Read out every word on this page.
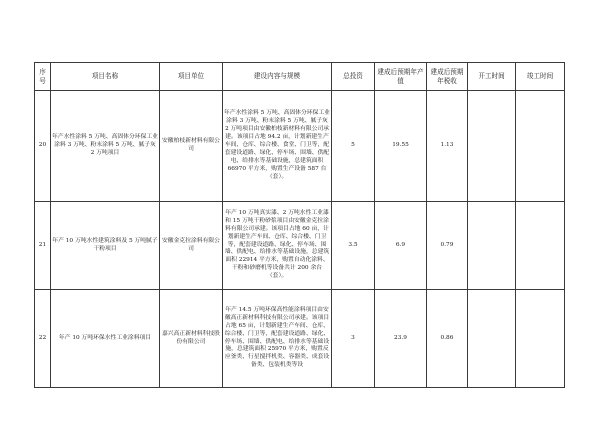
序号	项目名称	项目单位	建设内容与规模	总投资	建成后预期年产值	建成后预期年税收	开工时间	竣工时间
20	年产水性涂料 5 万吨、高固体分环保工业涂料 3 万吨、粉末涂料 5 万吨、腻子灰 2 万吨项目	安徽柏枝新材料有限公司	年产水性涂料 5 万吨、高固体分环保工业涂料 3 万吨、粉末涂料 5 万吨、腻子灰 2 万吨项目由安徽柏枝新材料有限公司承建。该项目占地 94.2 亩，计划新建生产车间、仓库、综合楼、食堂、门卫等，配套建设道路、绿化、停车场、围墙、供配电、给排水等基础设施，总建筑面积 66970 平方米，购置生产设备 587 台（套）。	5	19.55	1.13		
21	年产 10 万吨水性建筑涂料及 5 万吨腻子干粉项目	安徽金克拉涂料有限公司	年产 10 万吨真实漆、2 万吨水性工业漆和 15 万吨干粉砂浆项目由安徽金克拉涂料有限公司承建。该项目占地 60 亩，计划新建生产车间、仓库、综合楼、门卫等，配套建设道路、绿化、停车场、围墙、供配电、给排水等基础设施，总建筑面积 22914 平方米，购置自动化涂料、干粉和砂磨机等设备共计 200 余台（套）。	3.5	6.9	0.79		
22	年产 10 万吨环保水性工业涂料项目	嘉兴高正新材料科技股份有限公司	年产 14.5 万吨环保高性能涂料项目由安徽高正新材料科技有限公司承建。该项目占地 65 亩，计划新建生产车间、仓库、综合楼、门卫等，配套建设道路、绿化、停车场、围墙、供配电、给排水等基础设施，总建筑面积 25970 平方米，购置反应釜类、行星搅拌机类、容器类、成套设备类、包装机类等设	3	23.9	0.86		
